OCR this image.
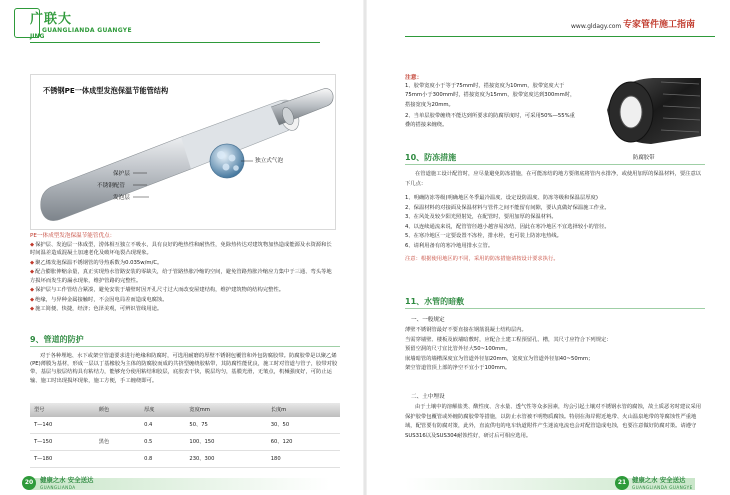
广联大
GUANGLIANDA GUANGYE
JING
不锈钢PE一体成型发泡保温节能管结构
独立式气泡
保护层
不锈钢配管
发泡层
PE一体成型发泡保温节能管优点：
◆保护层、发泡层一体成型，涝体相互独立不吸水，具有良好的绝热性和耐热性，免除热传达对建筑物加热造成能源及水资源和长时间温差造成混凝土加速老化及破坏龟裂凸现现象。
◆聚乙烯发泡保温不锈钢管的导热系数为0.035w/m/C。
◆配合膨胀伸缩余量，真正实现热水管路安装的零缺失，给于管路热胀冷缩的空间，避免管路热胀冷缩应力集中于三通、弯头等地方损坏而发生的漏水现象，维护管路的完整性。
◆保护层与工作管结合紧凑，避免安装于墙壁时因开孔尺寸过大而改变屋建结构，维护建筑物的结构完整性。
◆绝缘，与异种金属接触时，不会因电局差而造成电腐蚀。
◆施工简便、快捷，经济；色泽美观，可辨识管线用途。
9、管道的防护
对于各种埋地、水下或架空管道要求进行绝缘和防腐时，可选用耐磨的厚壁不锈钢包覆管和外包防腐胶带。防腐胶带是以聚乙烯(PE)薄膜为基材，形成一层以丁基橡胶为主体的防腐胶而成的共挤型缠绕胶粘带，其防腐性能优良，施工时对管道与管子，胶带对胶带，基层与胶层结构具有粘结力，能够充分使用粘结和胶层，底胶表干快，脱层均匀，基膜光滑，无皱点，机械强度好，可防止运输、施工时出现损坏现象，施工方便，手工缠绕即可。
型号	颜色	厚度	宽度mm	长度m
T—140		0.4	50、75	30、50
T—150	黑色	0.5	100、150	60、120
T—180		0.8	230、300	180
20	健康之水 安全送达
GUANGLIANDA
www.gldagy.com 专家管件施工指南
注意：
1、胶带宽度小于等于75mm时，搭接宽度为10mm，胶带宽度大于75mm小于300mm时，搭接宽度为15mm，胶带宽度达到300mm时，搭接宽度为20mm。
2、当单层胶带缠绕不能达到所要求的防腐厚度时，可采用50%—55%重叠的搭接来缠绕。
防腐胶带
10、防冻措施
在管道施工设计配管时，应尽量避免防冻措施，在可能冻结的地方要彻底将管内水排净，或使用加厚的保温材料，要注意以下几点：
1、明确防冻等级(明确地区冬季最冷温度、设定设防温度、防冻等级和保温层厚度)
2、保温材料的对接面及保温材料与管件之间不能留有间隙，要认真做好保温施工作业。
3、在风处及较少阳光照射处，在配管时，要用加厚的保温材料。
4、以连续通流来说，配管管径越小越容易冻结，因此在寒冷地区不宜选择较小的管径。
5、在寒冷地区一定要设置不冻栓，排水栓，也可装上防冻电热线。
6、请利用备有的寒冷地用排水立管。
注意：根据使用地区的不同，采用的防冻措施请按设计要求执行。
11、水管的暗敷
一、一般规定
薄壁不锈钢管最好不要直接在钢筋混凝土结构层内。
当需穿墙壁、楼板及嵌墙暗敷时，应配合土建工程预留孔、槽，其尺寸应符合下列规定：
预留空洞的尺寸宜比管外径大50~100mm。
嵌墙暗管的墙槽深度宜为管道外径加20mm，宽度宜为管道外径加40~50mm；
架空管道管顶上部的净空不宜小于100mm。
二、土中埋设
由于土壤中的溶解盐类、酸性度、含水量、透气性等众多因素，均会引起土壤对不锈钢水管的腐蚀，故土质恶劣时建议采用保护胶带包覆管或外缠防腐胶带等措施，以防止水管被不明物质腐蚀。特别在海岸附近地带、火山温泉地带的等腐蚀性严重地域，配管要有防腐对策，此外，直流供电的电车轨道附件产生迷流电流也会对配管造成电蚀，也要注意做好防腐对策。请遵守SUS316以及SUS304耐蚀性好，研讨后可相应选用。
健康之水 安全送达
GUANGLIANDA GUANGYE
21
